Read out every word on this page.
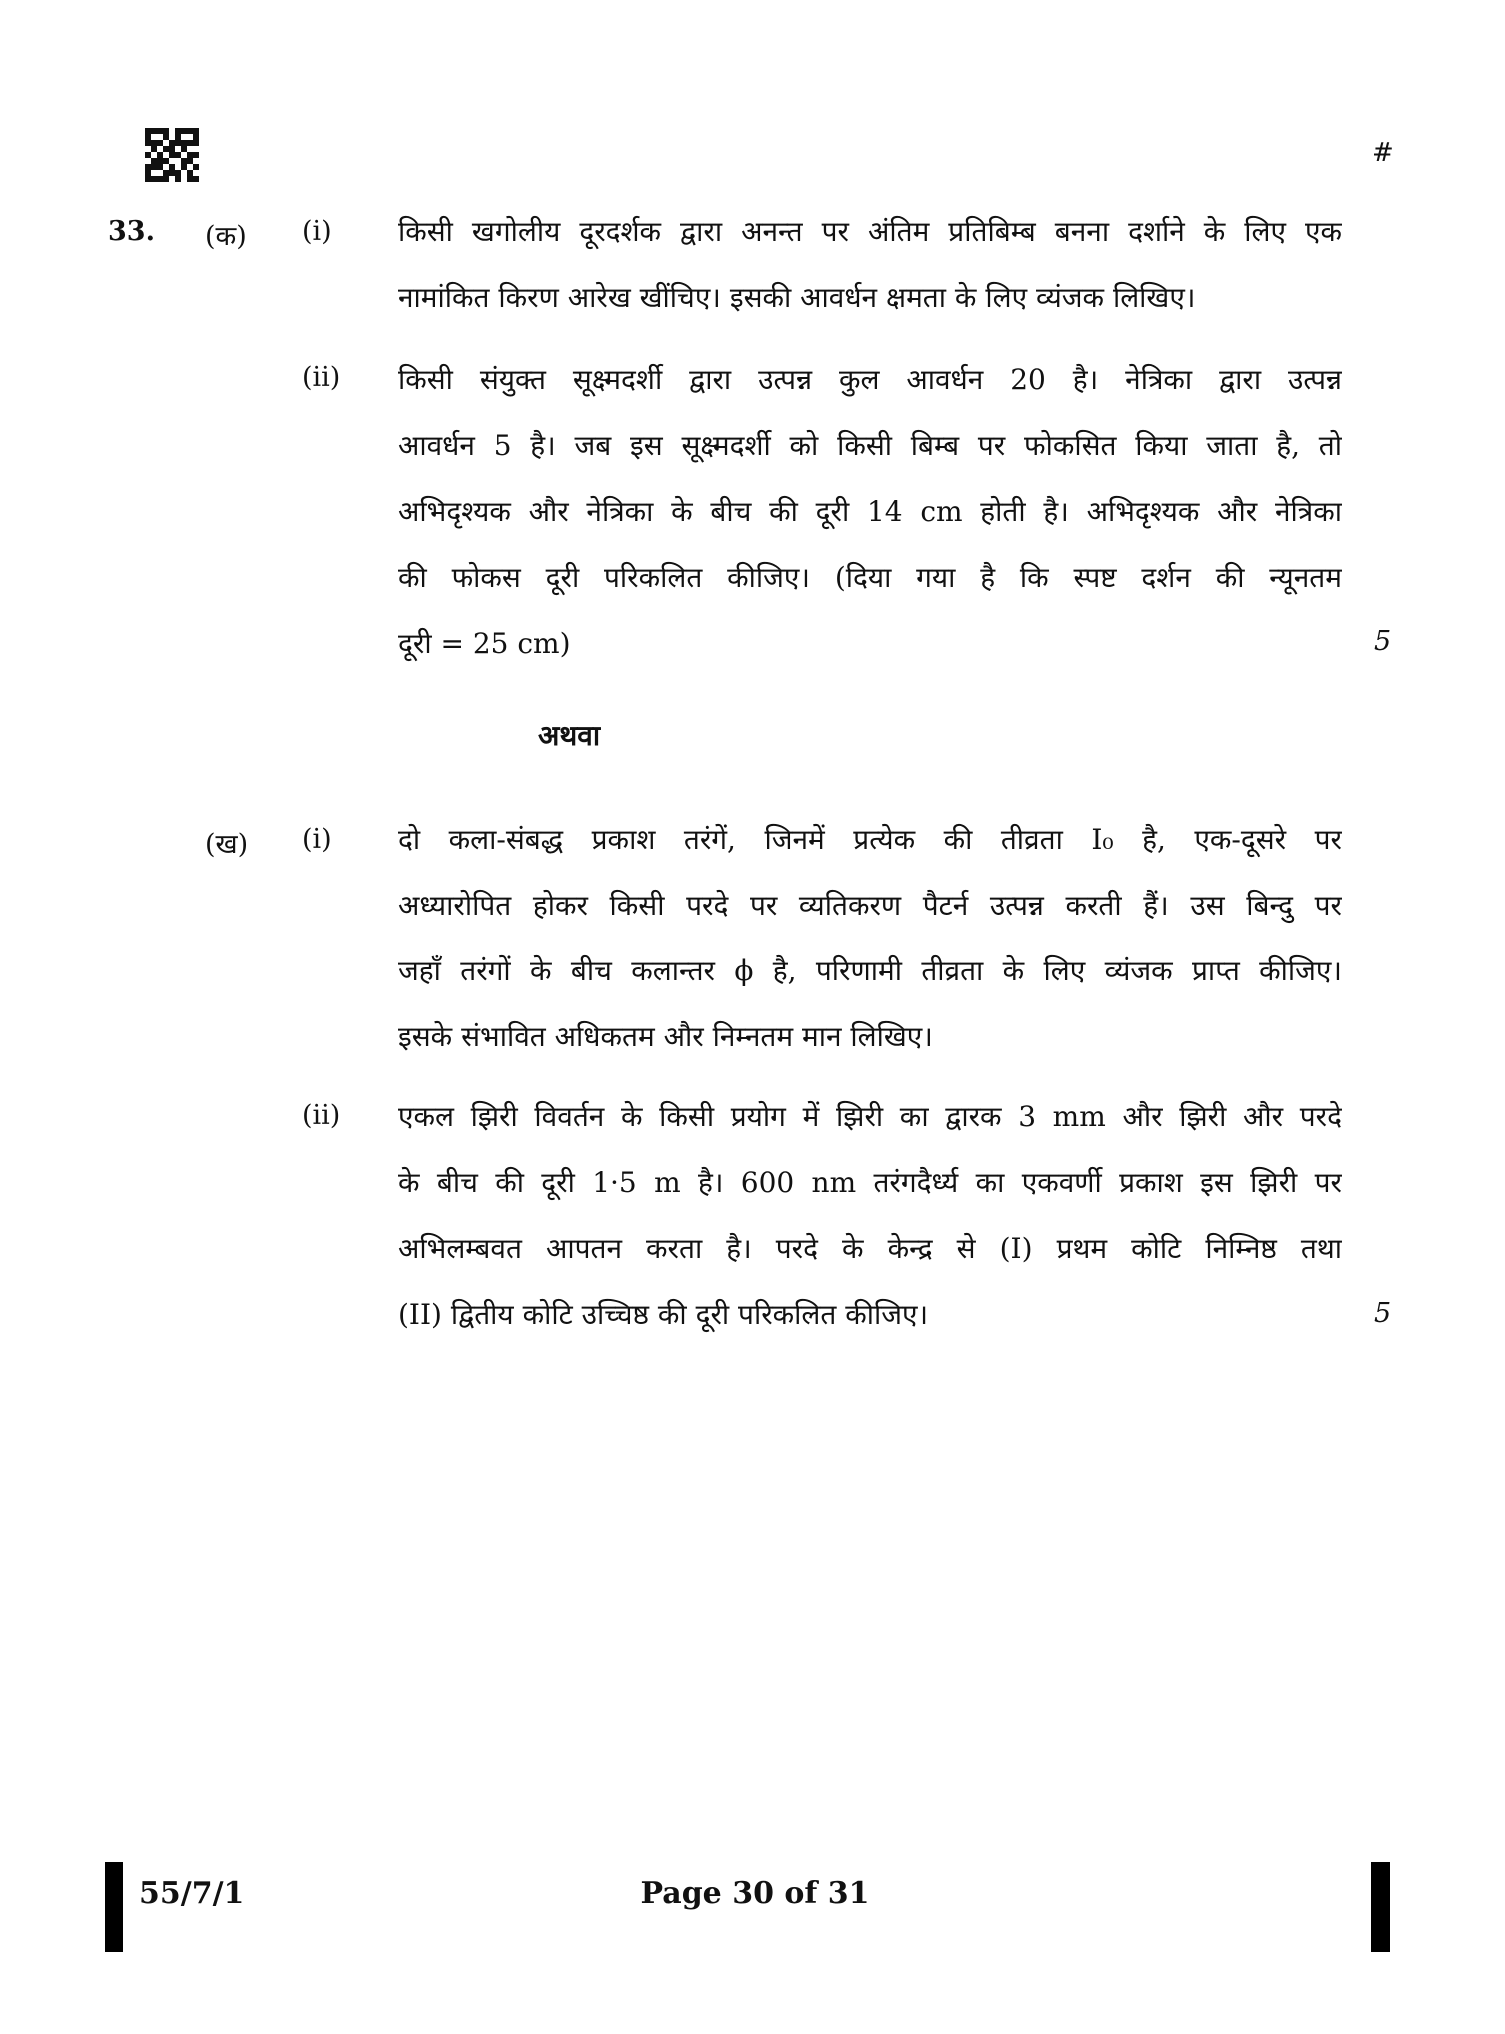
#
33. (क) (i) किसी खगोलीय दूरदर्शक द्वारा अनन्त पर अंतिम प्रतिबिम्ब बनना दर्शाने के लिए एक
नामांकित किरण आरेख खींचिए। इसकी आवर्धन क्षमता के लिए व्यंजक लिखिए।
(ii) किसी संयुक्त सूक्ष्मदर्शी द्वारा उत्पन्न कुल आवर्धन 20 है। नेत्रिका द्वारा उत्पन्न
आवर्धन 5 है। जब इस सूक्ष्मदर्शी को किसी बिम्ब पर फोकसित किया जाता है, तो
अभिदृश्यक और नेत्रिका के बीच की दूरी 14 cm होती है। अभिदृश्यक और नेत्रिका
की फोकस दूरी परिकलित कीजिए। (दिया गया है कि स्पष्ट दर्शन की न्यूनतम
दूरी = 25 cm)	5
अथवा
(ख) (i) दो कला-संबद्ध प्रकाश तरंगें, जिनमें प्रत्येक की तीव्रता I₀ है, एक-दूसरे पर
अध्यारोपित होकर किसी परदे पर व्यतिकरण पैटर्न उत्पन्न करती हैं। उस बिन्दु पर
जहाँ तरंगों के बीच कलान्तर ϕ है, परिणामी तीव्रता के लिए व्यंजक प्राप्त कीजिए।
इसके संभावित अधिकतम और निम्नतम मान लिखिए।
(ii) एकल झिरी विवर्तन के किसी प्रयोग में झिरी का द्वारक 3 mm और झिरी और परदे
के बीच की दूरी 1·5 m है। 600 nm तरंगदैर्ध्य का एकवर्णी प्रकाश इस झिरी पर
अभिलम्बवत आपतन करता है। परदे के केन्द्र से (I) प्रथम कोटि निम्निष्ठ तथा
(II) द्वितीय कोटि उच्चिष्ठ की दूरी परिकलित कीजिए।	5
55/7/1	Page 30 of 31
